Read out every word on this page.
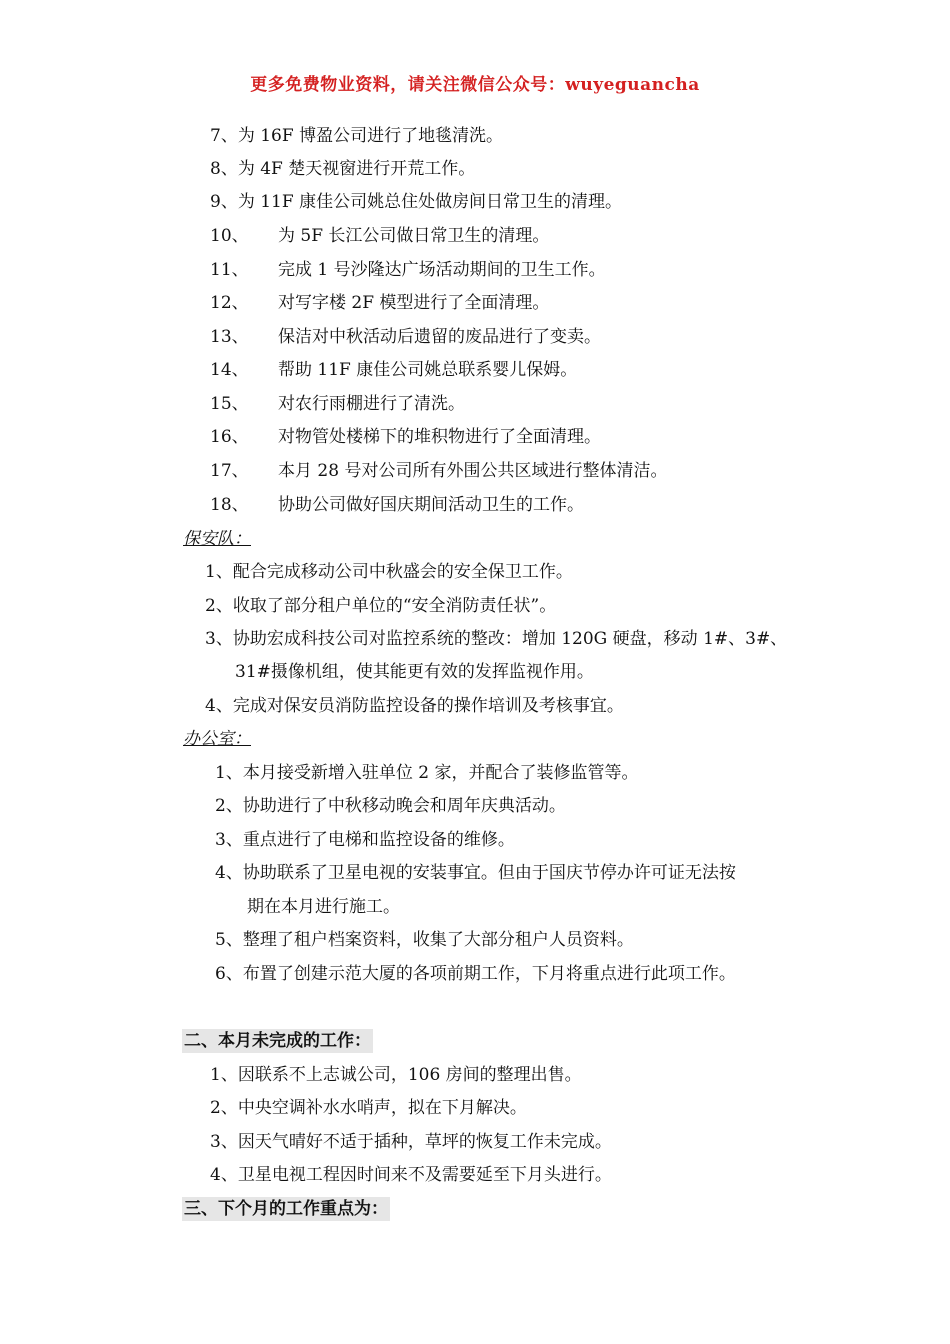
更多免费物业资料，请关注微信公众号：wuyeguancha
7、为 16F 博盈公司进行了地毯清洗。
8、为 4F 楚天视窗进行开荒工作。
9、为 11F 康佳公司姚总住处做房间日常卫生的清理。
10、 为 5F 长江公司做日常卫生的清理。
11、 完成 1 号沙隆达广场活动期间的卫生工作。
12、 对写字楼 2F 模型进行了全面清理。
13、 保洁对中秋活动后遗留的废品进行了变卖。
14、 帮助 11F 康佳公司姚总联系婴儿保姆。
15、 对农行雨棚进行了清洗。
16、 对物管处楼梯下的堆积物进行了全面清理。
17、 本月 28 号对公司所有外围公共区域进行整体清洁。
18、 协助公司做好国庆期间活动卫生的工作。
保安队：
1、配合完成移动公司中秋盛会的安全保卫工作。
2、收取了部分租户单位的“安全消防责任状”。
3、协助宏成科技公司对监控系统的整改：增加 120G 硬盘，移动 1#、3#、
31#摄像机组，使其能更有效的发挥监视作用。
4、完成对保安员消防监控设备的操作培训及考核事宜。
办公室：
1、本月接受新增入驻单位 2 家，并配合了装修监管等。
2、协助进行了中秋移动晚会和周年庆典活动。
3、重点进行了电梯和监控设备的维修。
4、协助联系了卫星电视的安装事宜。但由于国庆节停办许可证无法按
期在本月进行施工。
5、整理了租户档案资料，收集了大部分租户人员资料。
6、布置了创建示范大厦的各项前期工作，下月将重点进行此项工作。
二、本月未完成的工作：
1、因联系不上志诚公司，106 房间的整理出售。
2、中央空调补水水哨声，拟在下月解决。
3、因天气晴好不适于插种，草坪的恢复工作未完成。
4、卫星电视工程因时间来不及需要延至下月头进行。
三、下个月的工作重点为：
